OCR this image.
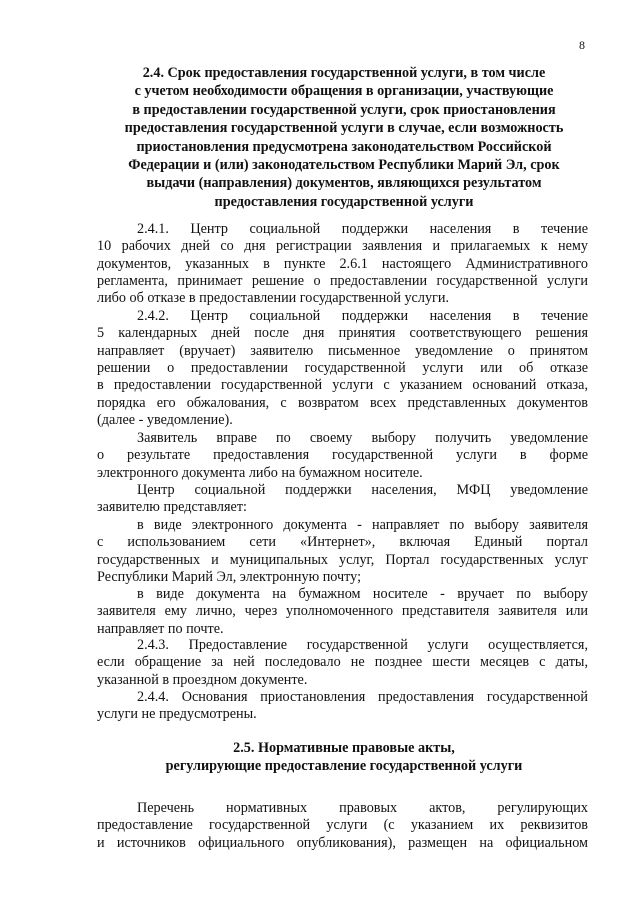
8
2.4. Срок предоставления государственной услуги, в том числе
с учетом необходимости обращения в организации, участвующие
в предоставлении государственной услуги, срок приостановления
предоставления государственной услуги в случае, если возможность
приостановления предусмотрена законодательством Российской
Федерации и (или) законодательством Республики Марий Эл, срок
выдачи (направления) документов, являющихся результатом
предоставления государственной услуги
2.4.1. Центр социальной поддержки населения в течение
10 рабочих дней со дня регистрации заявления и прилагаемых к нему
документов, указанных в пункте 2.6.1 настоящего Административного
регламента, принимает решение о предоставлении государственной услуги
либо об отказе в предоставлении государственной услуги.
2.4.2. Центр социальной поддержки населения в течение
5 календарных дней после дня принятия соответствующего решения
направляет (вручает) заявителю письменное уведомление о принятом
решении о предоставлении государственной услуги или об отказе
в предоставлении государственной услуги с указанием оснований отказа,
порядка его обжалования, с возвратом всех представленных документов
(далее - уведомление).
Заявитель вправе по своему выбору получить уведомление
о результате предоставления государственной услуги в форме
электронного документа либо на бумажном носителе.
Центр социальной поддержки населения, МФЦ уведомление
заявителю представляет:
в виде электронного документа - направляет по выбору заявителя
с использованием сети «Интернет», включая Единый портал
государственных и муниципальных услуг, Портал государственных услуг
Республики Марий Эл, электронную почту;
в виде документа на бумажном носителе - вручает по выбору
заявителя ему лично, через уполномоченного представителя заявителя или
направляет по почте.
2.4.3. Предоставление государственной услуги осуществляется,
если обращение за ней последовало не позднее шести месяцев с даты,
указанной в проездном документе.
2.4.4. Основания приостановления предоставления государственной
услуги не предусмотрены.
2.5. Нормативные правовые акты,
регулирующие предоставление государственной услуги
Перечень нормативных правовых актов, регулирующих
предоставление государственной услуги (с указанием их реквизитов
и источников официального опубликования), размещен на официальном
